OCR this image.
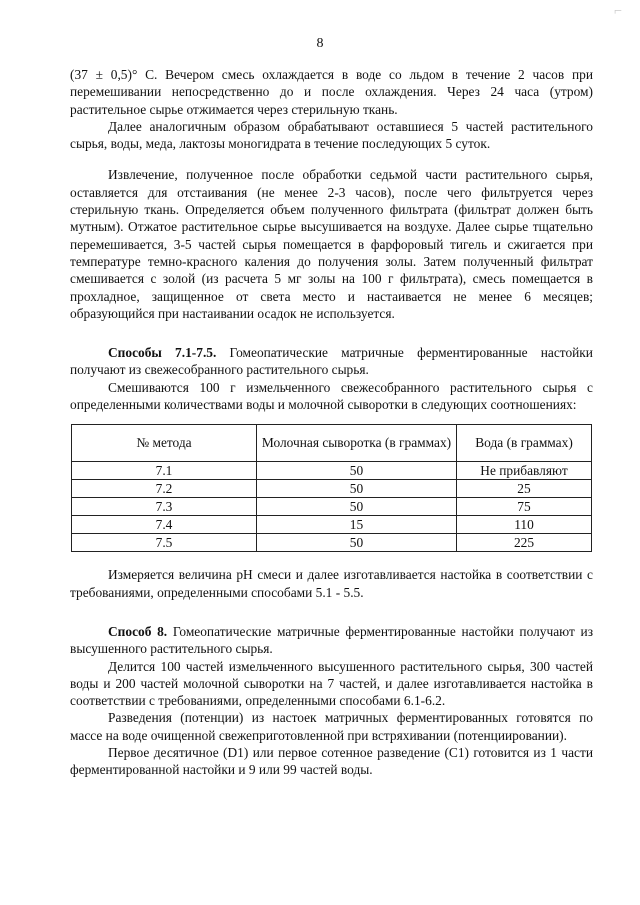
⌐
8

(37 ± 0,5)° C. Вечером смесь охлаждается в воде со льдом в течение 2 часов при перемешивании непосредственно до и после охлаждения. Через 24 часа (утром) растительное сырье отжимается через стерильную ткань.

Далее аналогичным образом обрабатывают оставшиеся 5 частей растительного сырья, воды, меда, лактозы моногидрата в течение последующих 5 суток.

Извлечение, полученное после обработки седьмой части растительного сырья, оставляется для отстаивания (не менее 2-3 часов), после чего фильтруется через стерильную ткань. Определяется объем полученного фильтрата (фильтрат должен быть мутным). Отжатое растительное сырье высушивается на воздухе. Далее сырье тщательно перемешивается, 3-5 частей сырья помещается в фарфоровый тигель и сжигается при температуре темно-красного каления до получения золы. Затем полученный фильтрат смешивается с золой (из расчета 5 мг золы на 100 г фильтрата), смесь помещается в прохладное, защищенное от света место и настаивается не менее 6 месяцев; образующийся при настаивании осадок не используется.

Способы 7.1-7.5. Гомеопатические матричные ферментированные настойки получают из свежесобранного растительного сырья.

Смешиваются 100 г измельченного свежесобранного растительного сырья с определенными количествами воды и молочной сыворотки в следующих соотношениях:

№ метода	Молочная сыворотка (в граммах)	Вода (в граммах)
7.1	50	Не прибавляют
7.2	50	25
7.3	50	75
7.4	15	110
7.5	50	225

Измеряется величина pH смеси и далее изготавливается настойка в соответствии с требованиями, определенными способами 5.1 - 5.5.

Способ 8. Гомеопатические матричные ферментированные настойки получают из высушенного растительного сырья.

Делится 100 частей измельченного высушенного растительного сырья, 300 частей воды и 200 частей молочной сыворотки на 7 частей, и далее изготавливается настойка в соответствии с требованиями, определенными способами 6.1-6.2.

Разведения (потенции) из настоек матричных ферментированных готовятся по массе на воде очищенной свежеприготовленной при встряхивании (потенциировании).

Первое десятичное (D1) или первое сотенное разведение (C1) готовится из 1 части ферментированной настойки и 9 или 99 частей воды.
